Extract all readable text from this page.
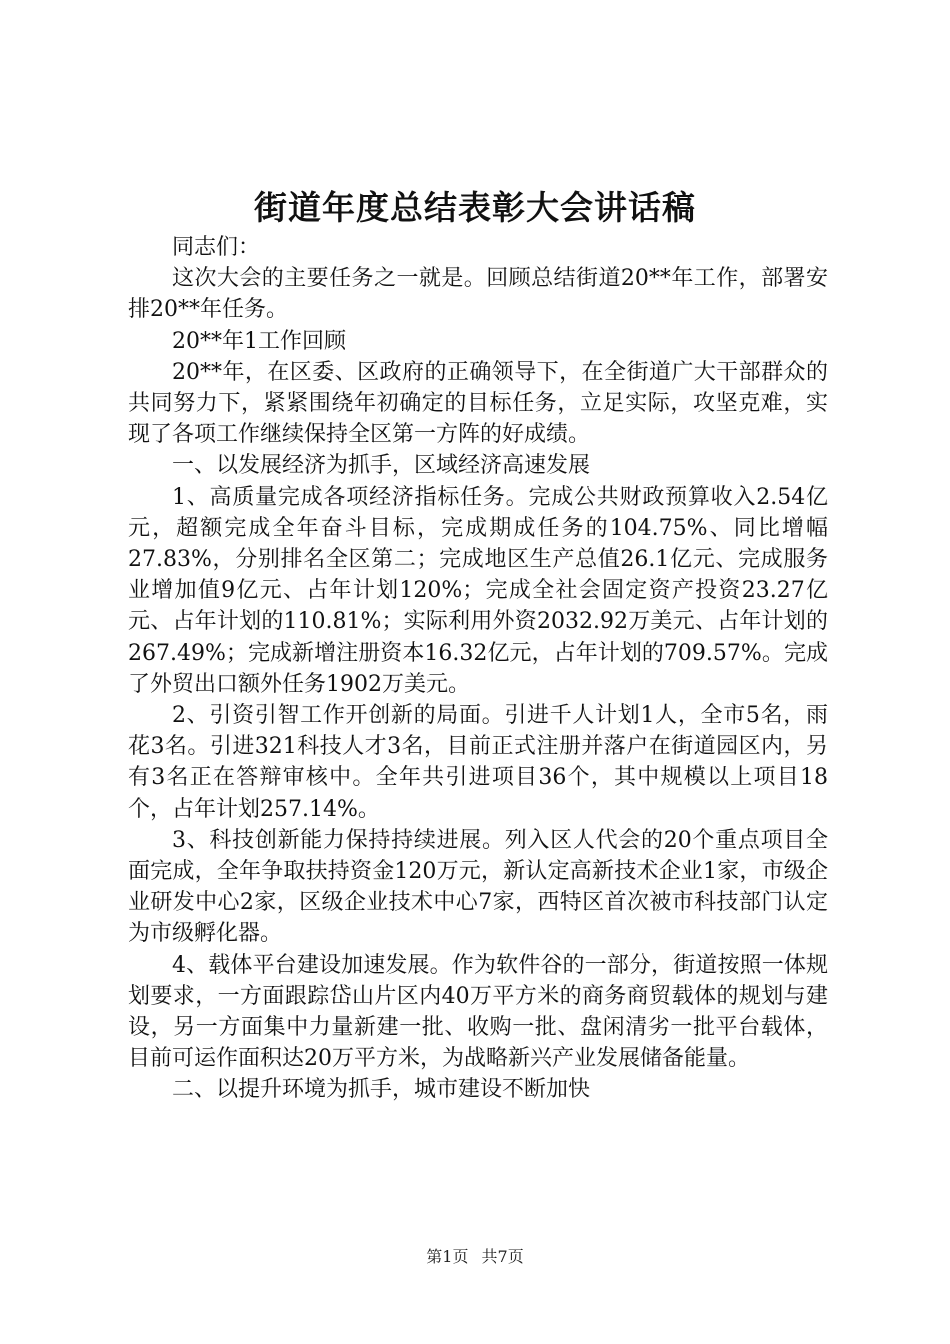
街道年度总结表彰大会讲话稿

同志们：

这次大会的主要任务之一就是。回顾总结街道20**年工作，部署安排20**年任务。

20**年1工作回顾

20**年，在区委、区政府的正确领导下，在全街道广大干部群众的共同努力下，紧紧围绕年初确定的目标任务，立足实际，攻坚克难，实现了各项工作继续保持全区第一方阵的好成绩。

一、以发展经济为抓手，区域经济高速发展

1、高质量完成各项经济指标任务。完成公共财政预算收入2.54亿元，超额完成全年奋斗目标，完成期成任务的104.75%、同比增幅27.83%，分别排名全区第二；完成地区生产总值26.1亿元、完成服务业增加值9亿元、占年计划120%；完成全社会固定资产投资23.27亿元、占年计划的110.81%；实际利用外资2032.92万美元、占年计划的267.49%；完成新增注册资本16.32亿元，占年计划的709.57%。完成了外贸出口额外任务1902万美元。

2、引资引智工作开创新的局面。引进千人计划1人，全市5名，雨花3名。引进321科技人才3名，目前正式注册并落户在街道园区内，另有3名正在答辩审核中。全年共引进项目36个，其中规模以上项目18个，占年计划257.14%。

3、科技创新能力保持持续进展。列入区人代会的20个重点项目全面完成，全年争取扶持资金120万元，新认定高新技术企业1家，市级企业研发中心2家，区级企业技术中心7家，西特区首次被市科技部门认定为市级孵化器。

4、载体平台建设加速发展。作为软件谷的一部分，街道按照一体规划要求，一方面跟踪岱山片区内40万平方米的商务商贸载体的规划与建设，另一方面集中力量新建一批、收购一批、盘闲清劣一批平台载体，目前可运作面积达20万平方米，为战略新兴产业发展储备能量。

二、以提升环境为抓手，城市建设不断加快

第1页 共7页
